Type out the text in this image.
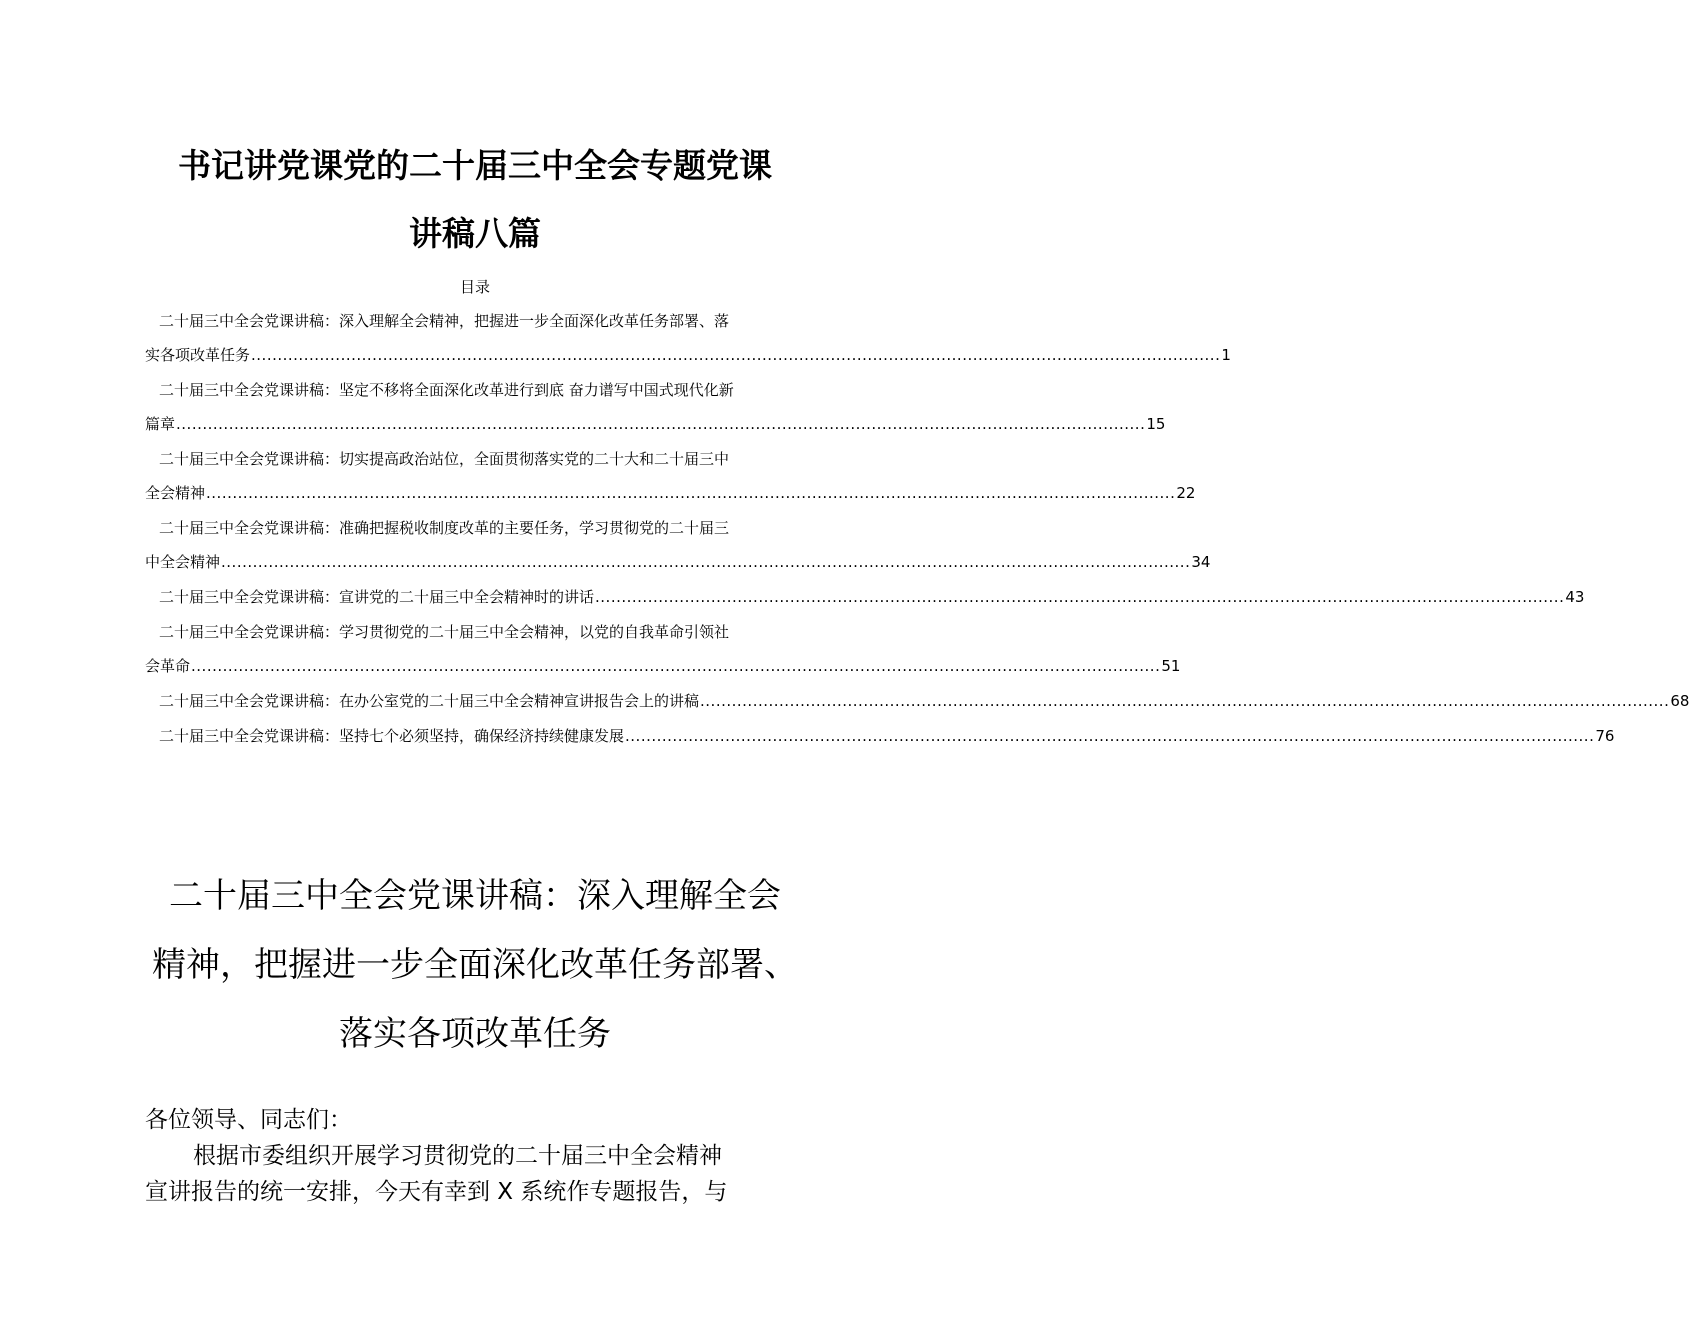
书记讲党课党的二十届三中全会专题党课
讲稿八篇
目录
二十届三中全会党课讲稿：深入理解全会精神，把握进一步全面深化改革任务部署、落
实各项改革任务 ........................................................................................................................................................................................ 1
二十届三中全会党课讲稿：坚定不移将全面深化改革进行到底 奋力谱写中国式现代化新
篇章 ........................................................................................................................................................................................ 15
二十届三中全会党课讲稿：切实提高政治站位，全面贯彻落实党的二十大和二十届三中
全会精神 ........................................................................................................................................................................................ 22
二十届三中全会党课讲稿：准确把握税收制度改革的主要任务，学习贯彻党的二十届三
中全会精神 ........................................................................................................................................................................................ 34
二十届三中全会党课讲稿：宣讲党的二十届三中全会精神时的讲话 ........................................................................................................................................................................................ 43
二十届三中全会党课讲稿：学习贯彻党的二十届三中全会精神，以党的自我革命引领社
会革命 ........................................................................................................................................................................................ 51
二十届三中全会党课讲稿：在办公室党的二十届三中全会精神宣讲报告会上的讲稿 ........................................................................................................................................................................................ 68
二十届三中全会党课讲稿：坚持七个必须坚持，确保经济持续健康发展 ........................................................................................................................................................................................ 76
二十届三中全会党课讲稿：深入理解全会
精神，把握进一步全面深化改革任务部署、
落实各项改革任务
各位领导、同志们：
根据市委组织开展学习贯彻党的二十届三中全会精神
宣讲报告的统一安排，今天有幸到 X 系统作专题报告，与
